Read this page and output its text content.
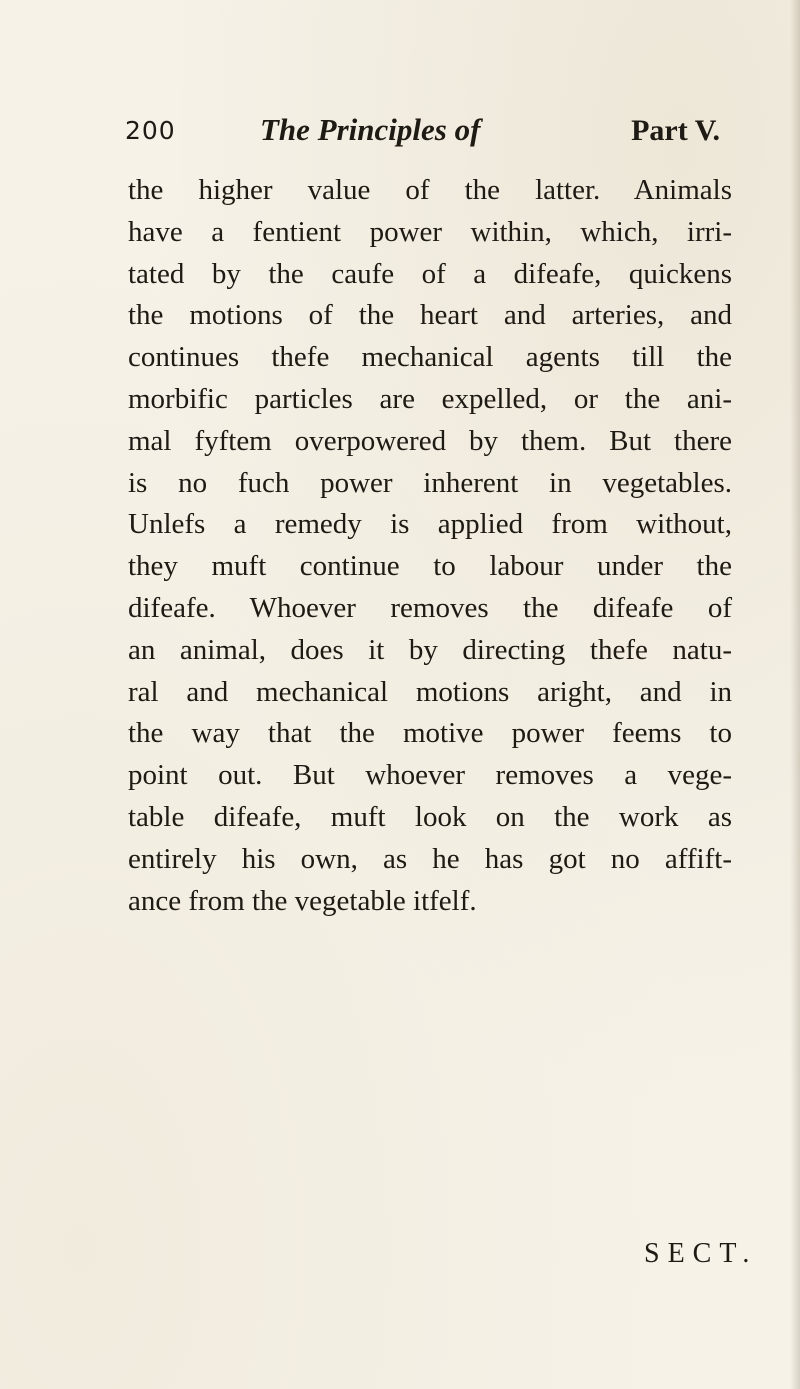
200	The Principles of	Part V.
the higher value of the latter. Animals
have a fentient power within, which, irri-
tated by the caufe of a difeafe, quickens
the motions of the heart and arteries, and
continues thefe mechanical agents till the
morbific particles are expelled, or the ani-
mal fyftem overpowered by them. But there
is no fuch power inherent in vegetables.
Unlefs a remedy is applied from without,
they muft continue to labour under the
difeafe. Whoever removes the difeafe of
an animal, does it by directing thefe natu-
ral and mechanical motions aright, and in
the way that the motive power feems to
point out. But whoever removes a vege-
table difeafe, muft look on the work as
entirely his own, as he has got no affift-
ance from the vegetable itfelf.
SECT.
